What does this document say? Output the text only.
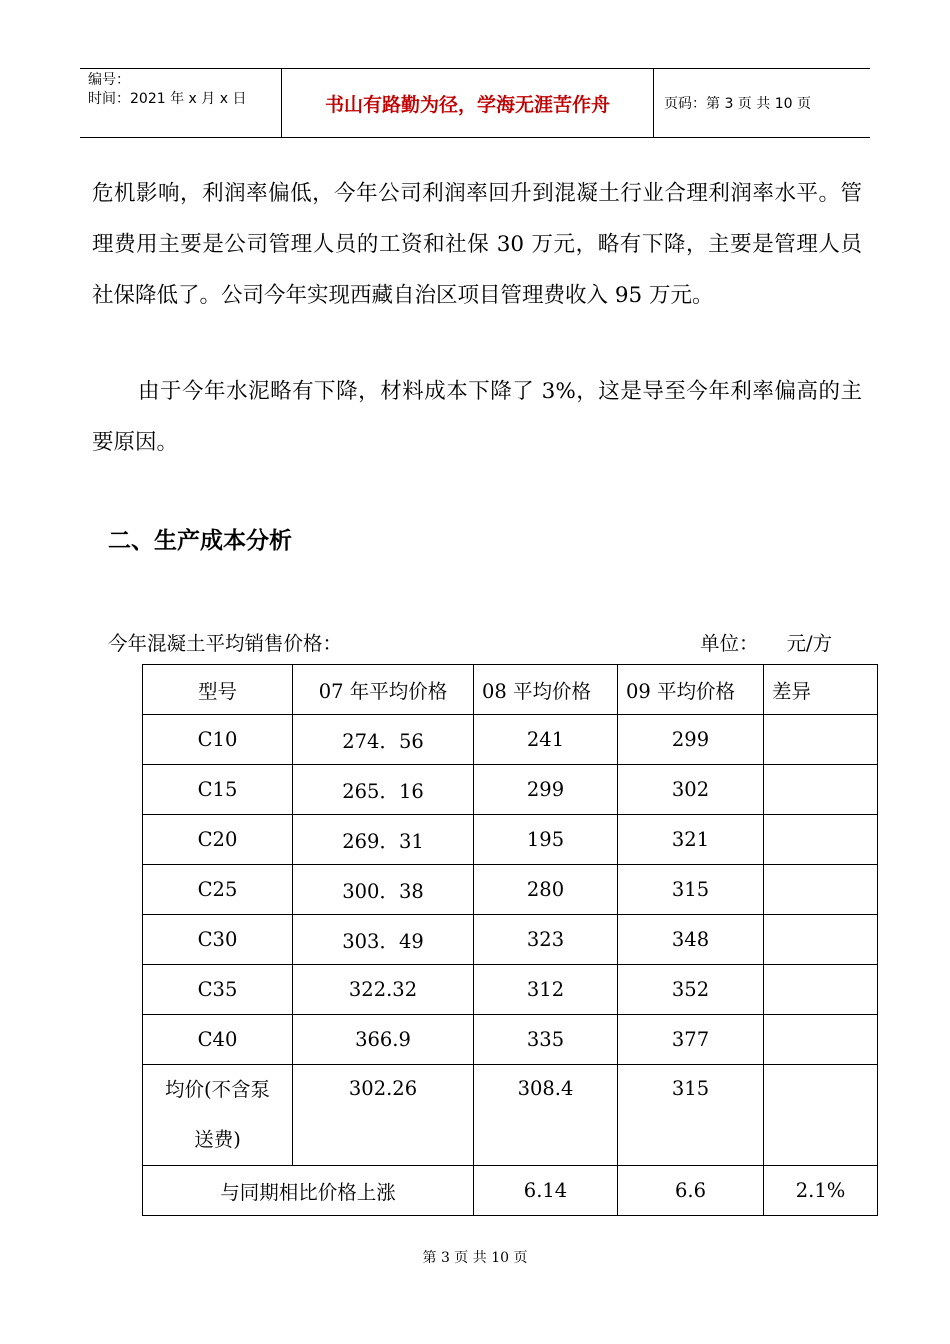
编号：
时间：2021 年 x 月 x 日	书山有路勤为径，学海无涯苦作舟	页码：第 3 页 共 10 页
危机影响，利润率偏低，今年公司利润率回升到混凝土行业合理利润率水平。管理费用主要是公司管理人员的工资和社保 30 万元，略有下降，主要是管理人员社保降低了。公司今年实现西藏自治区项目管理费收入 95 万元。
由于今年水泥略有下降，材料成本下降了 3%，这是导至今年利率偏高的主要原因。
二、生产成本分析
今年混凝土平均销售价格：	单位： 元/方
型号	07 年平均价格	08 平均价格	09 平均价格	差异
C10	274．56	241	299	
C15	265．16	299	302	
C20	269．31	195	321	
C25	300．38	280	315	
C30	303．49	323	348	
C35	322.32	312	352	
C40	366.9	335	377	

均价(不含泵
送费)	302.26	308.4	315	
与同期相比价格上涨		6.14	6.6	2.1%
第 3 页 共 10 页
